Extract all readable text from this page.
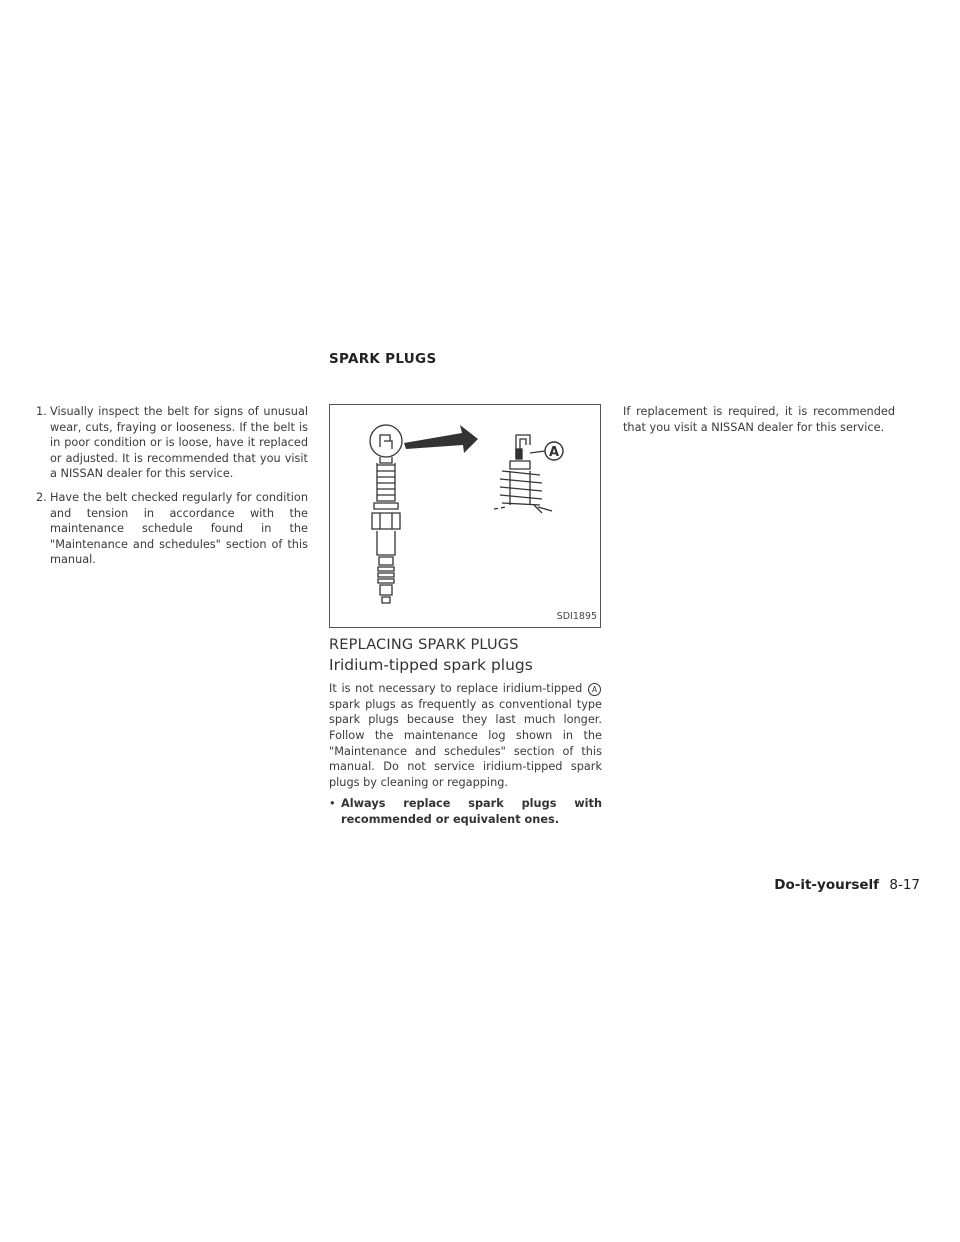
SPARK PLUGS
1. Visually inspect the belt for signs of unusual wear, cuts, fraying or looseness. If the belt is in poor condition or is loose, have it replaced or adjusted. It is recommended that you visit a NISSAN dealer for this service.
2. Have the belt checked regularly for condition and tension in accordance with the maintenance schedule found in the "Maintenance and schedules" section of this manual.
A
SDI1895
REPLACING SPARK PLUGS
Iridium-tipped spark plugs

It is not necessary to replace iridium-tipped A spark plugs as frequently as conventional type spark plugs because they last much longer. Follow the maintenance log shown in the "Maintenance and schedules" section of this manual. Do not service iridium-tipped spark plugs by cleaning or regapping.

• Always replace spark plugs with recommended or equivalent ones.

If replacement is required, it is recommended that you visit a NISSAN dealer for this service.

Do-it-yourself 8-17
